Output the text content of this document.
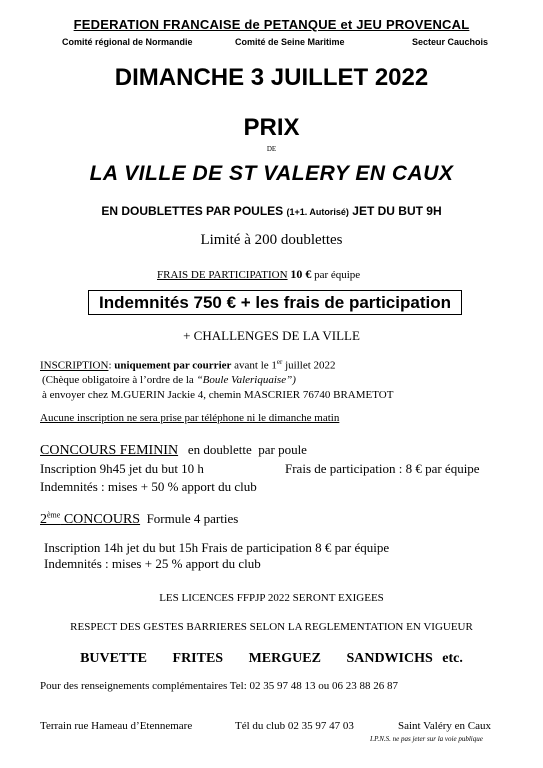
FEDERATION FRANCAISE de PETANQUE et JEU PROVENCAL
Comité régional de Normandie	Comité de Seine Maritime	Secteur Cauchois
DIMANCHE 3 JUILLET 2022
PRIX
DE
LA VILLE DE ST VALERY EN CAUX
EN DOUBLETTES PAR POULES (1+1. Autorisé) JET DU BUT 9H
Limité à 200 doublettes
FRAIS DE PARTICIPATION 10 € par équipe
Indemnités 750 € + les frais de participation
+ CHALLENGES DE LA VILLE
INSCRIPTION: uniquement par courrier avant le 1er juillet 2022
(Chèque obligatoire à l’ordre de la “Boule Valeriquaise”)
à envoyer chez M.GUERIN Jackie 4, chemin MASCRIER 76740 BRAMETOT
Aucune inscription ne sera prise par téléphone ni le dimanche matin
CONCOURS FEMININ   en doublette  par poule
Inscription 9h45 jet du but 10 h	Frais de participation : 8 € par équipe
Indemnités : mises + 50 % apport du club
2ème CONCOURS  Formule 4 parties
Inscription 14h jet du but 15h Frais de participation 8 € par équipe
Indemnités : mises + 25 % apport du club
LES LICENCES FFPJP 2022 SERONT EXIGEES
RESPECT DES GESTES BARRIERES SELON LA REGLEMENTATION EN VIGUEUR
BUVETTE FRITES MERGUEZ SANDWICHS etc.
Pour des renseignements complémentaires Tel: 02 35 97 48 13 ou 06 23 88 26 87
Terrain rue Hameau d’Etennemare	Tél du club 02 35 97 47 03	Saint Valéry en Caux
I.P.N.S. ne pas jeter sur la voie publique
